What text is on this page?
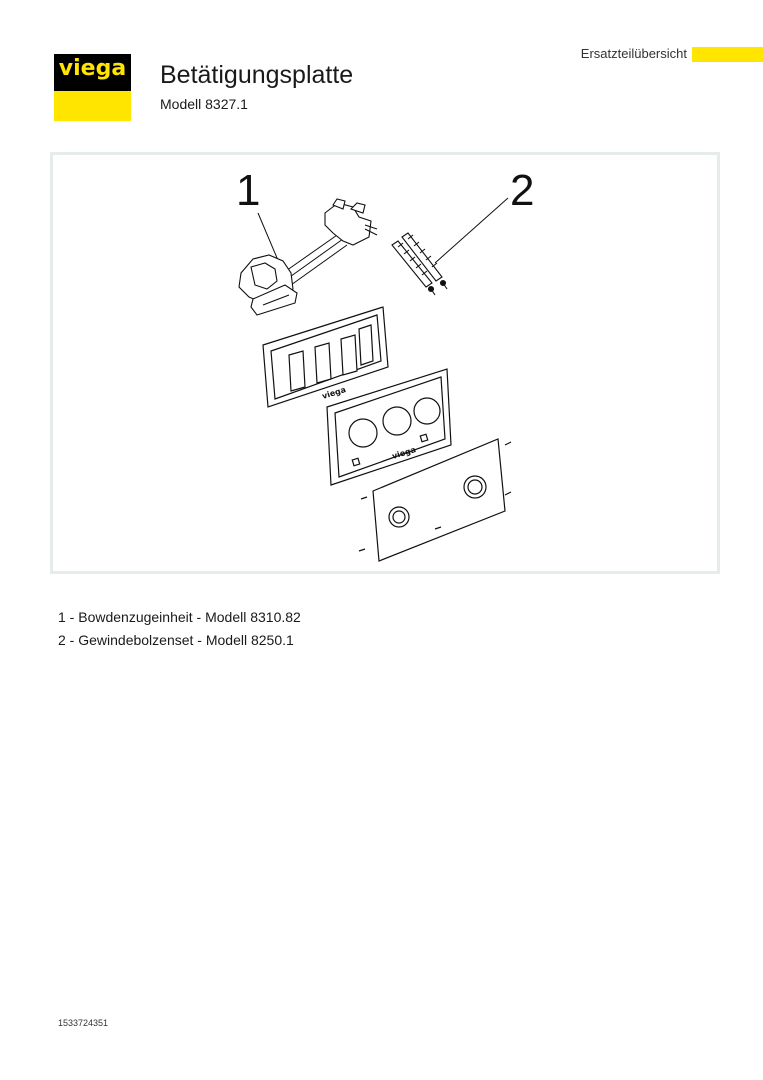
viega Betätigungsplatte
Modell 8327.1
Ersatzteilübersicht
1	2
viega
viega
1 - Bowdenzugeinheit - Modell 8310.82
2 - Gewindebolzenset - Modell 8250.1
1533724351
